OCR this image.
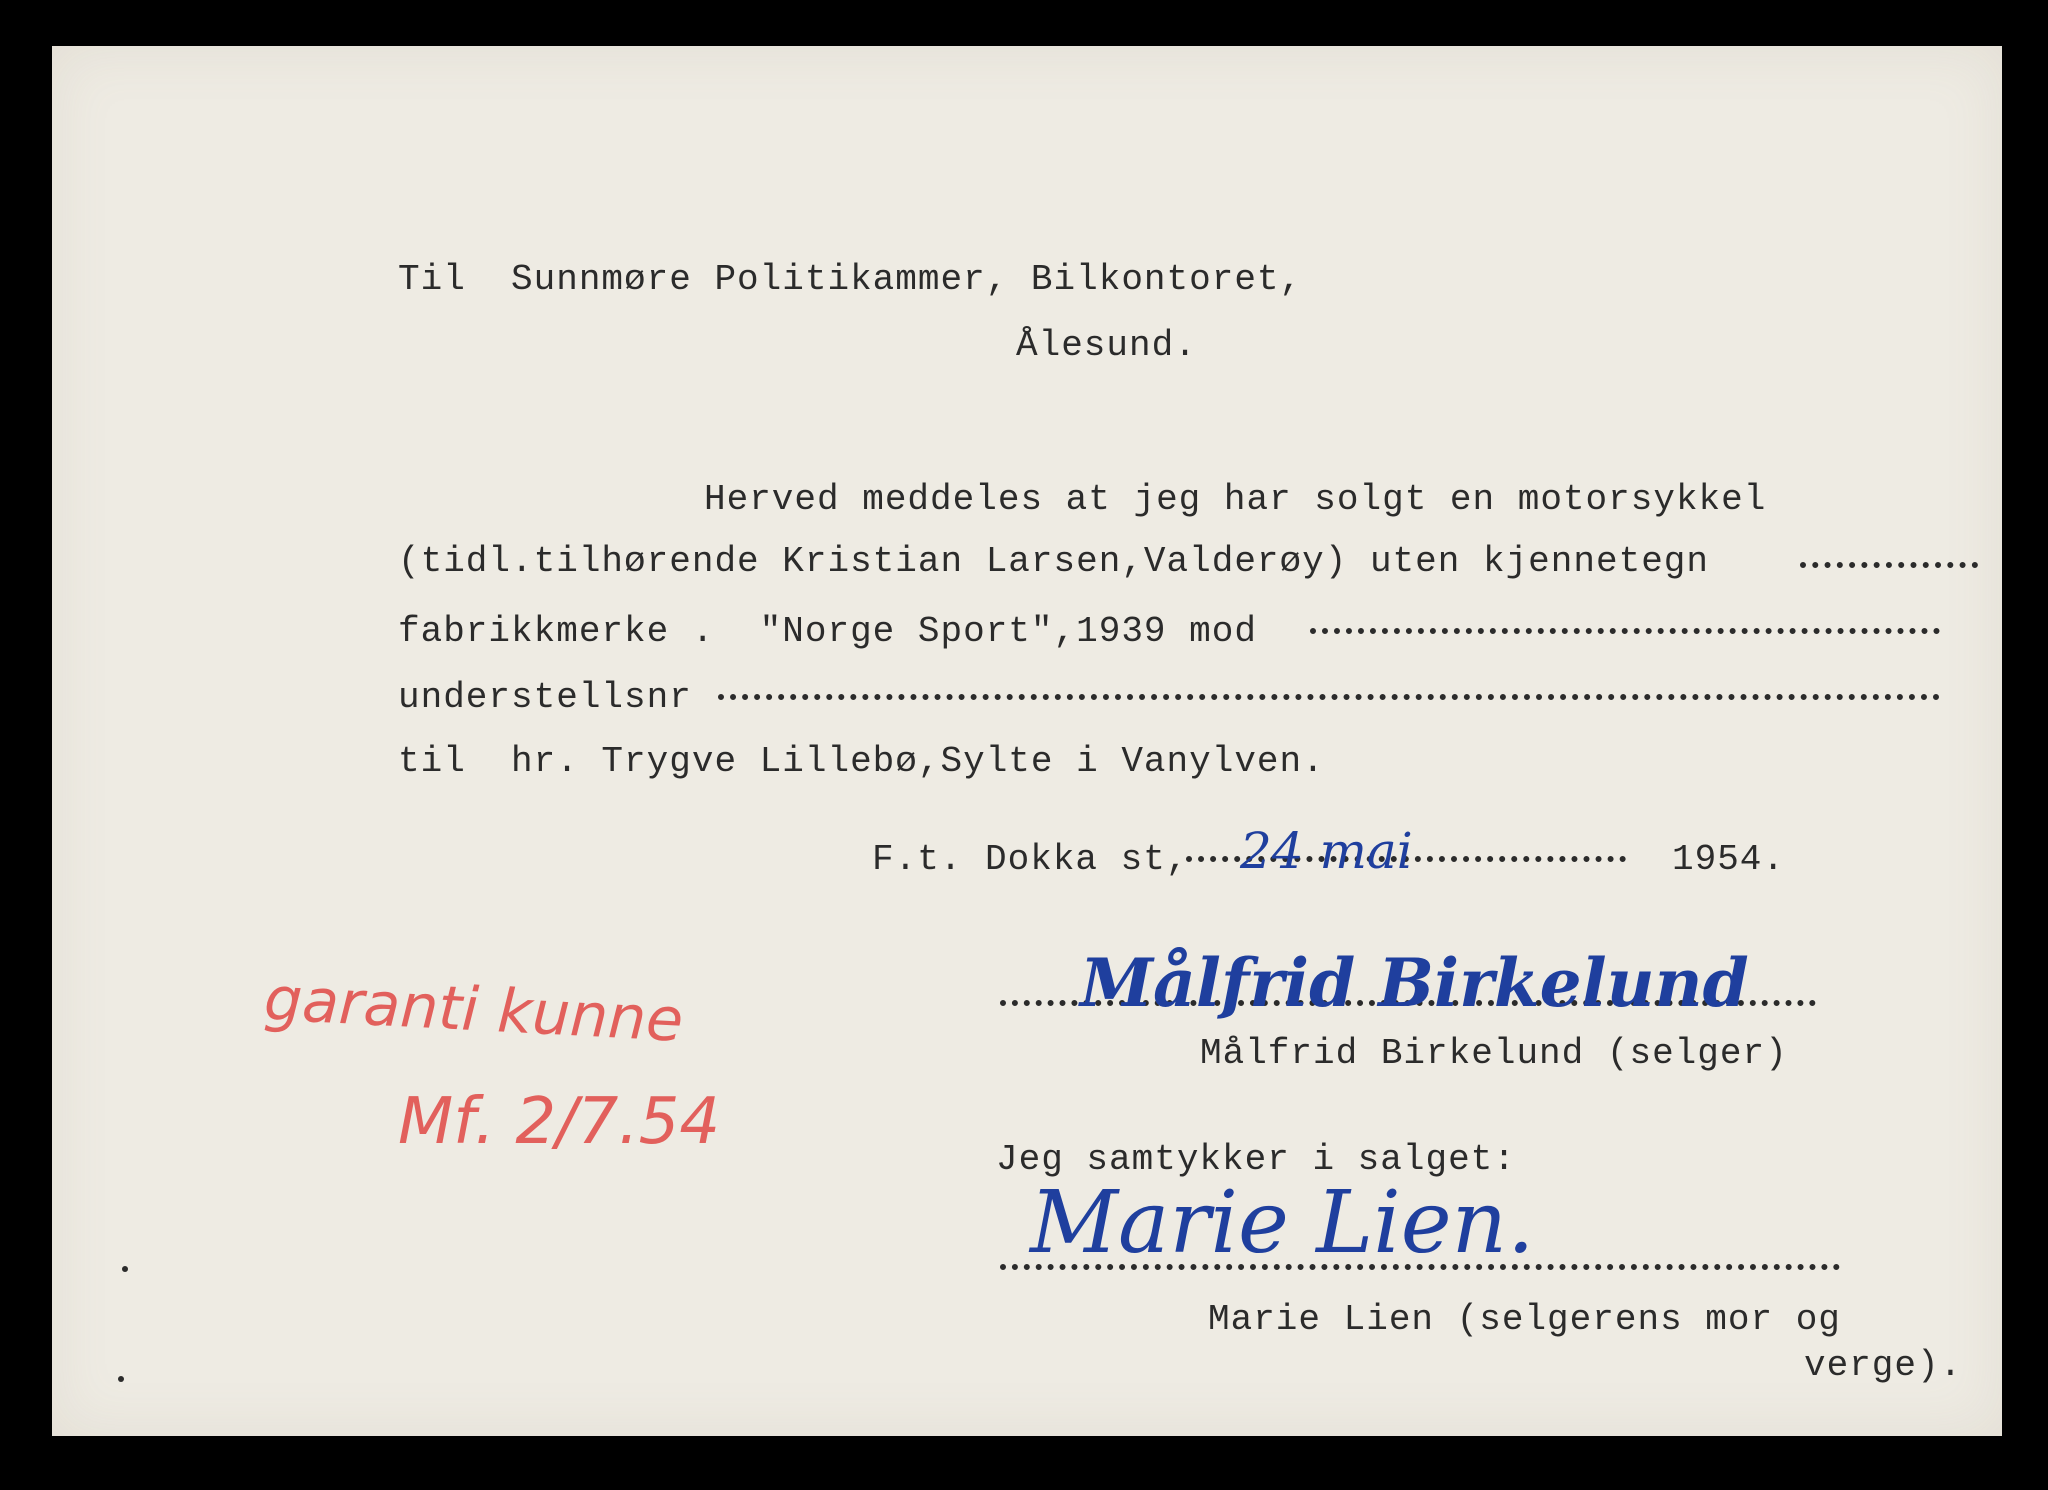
Til  Sunnmøre Politikammer, Bilkontoret,
Ålesund.
Herved meddeles at jeg har solgt en motorsykkel
(tidl.tilhørende Kristian Larsen,Valderøy) uten kjennetegn
fabrikkmerke .  "Norge Sport",1939 mod
understellsnr
til  hr. Trygve Lillebø,Sylte i Vanylven.
F.t. Dokka st, 24 mai	1954.
Målfrid Birkelund
Målfrid Birkelund (selger)
Jeg samtykker i salget:
Marie Lien.
Marie Lien (selgerens mor og
verge).
garanti kunne
Mf. 2/7.54
